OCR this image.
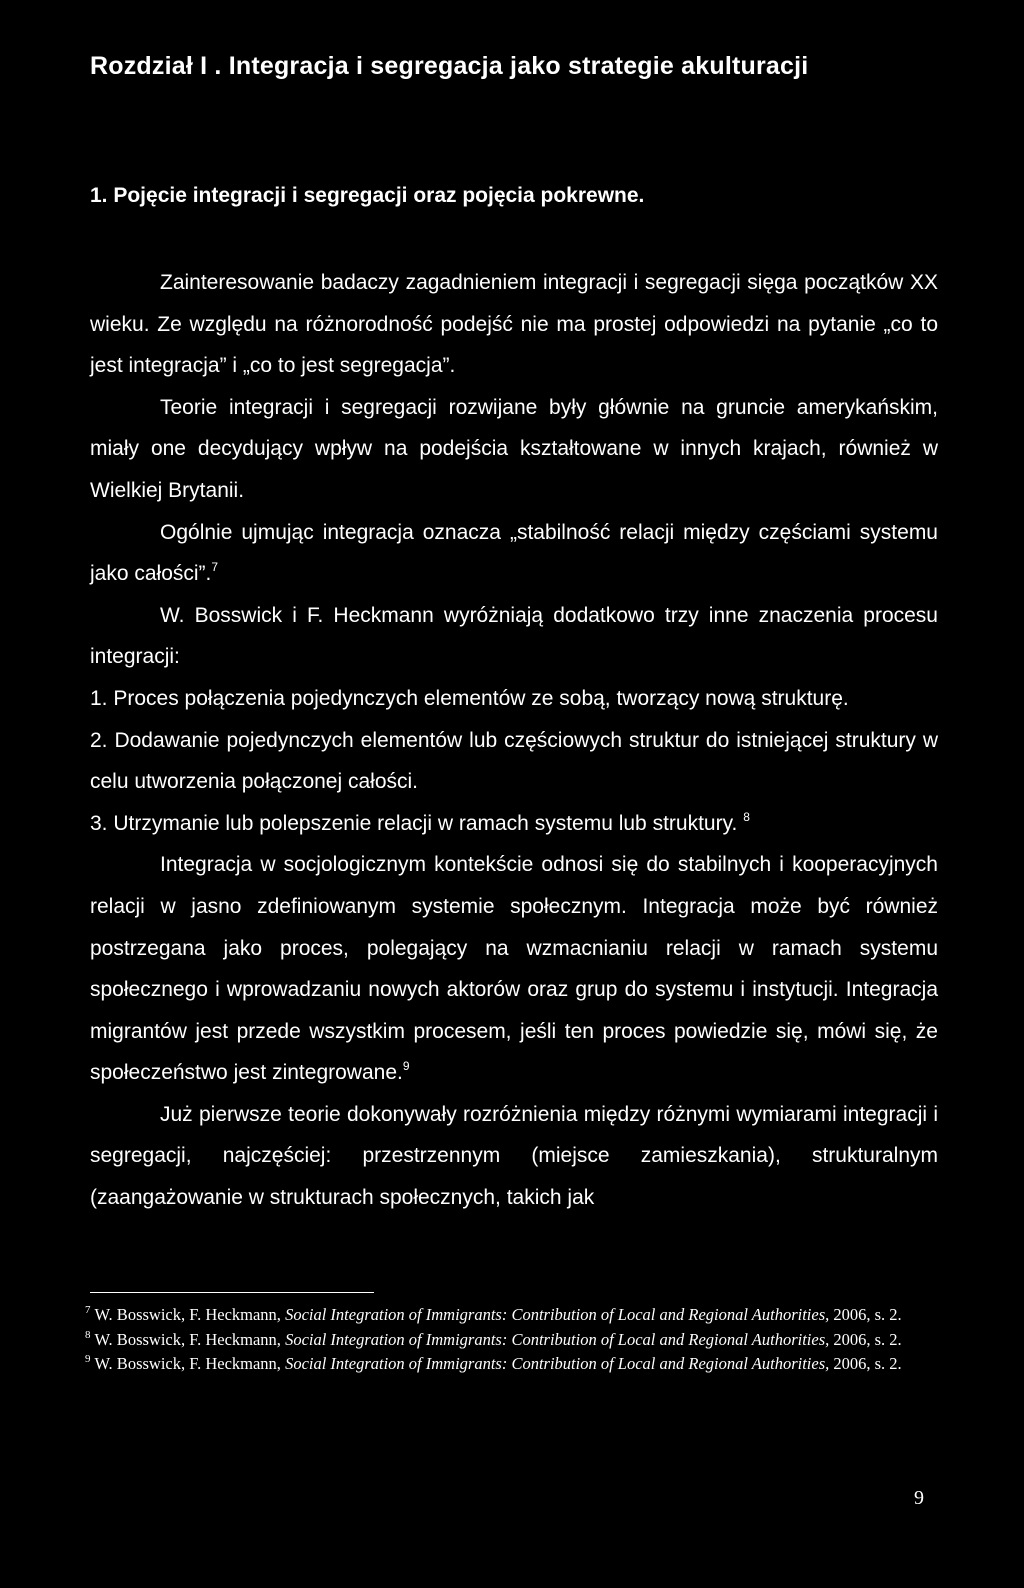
Rozdział I . Integracja i segregacja jako strategie akulturacji
1. Pojęcie integracji i segregacji oraz pojęcia pokrewne.

Zainteresowanie badaczy zagadnieniem integracji i segregacji sięga początków XX wieku. Ze względu na różnorodność podejść nie ma prostej odpowiedzi na pytanie „co to jest integracja” i „co to jest segregacja”.

Teorie integracji i segregacji rozwijane były głównie na gruncie amerykańskim, miały one decydujący wpływ na podejścia kształtowane w innych krajach, również w Wielkiej Brytanii.

Ogólnie ujmując integracja oznacza „stabilność relacji między częściami systemu jako całości”.$^7$

W. Bosswick i F. Heckmann wyróżniają dodatkowo trzy inne znaczenia procesu integracji:

1. Proces połączenia pojedynczych elementów ze sobą, tworzący nową strukturę.

2. Dodawanie pojedynczych elementów lub częściowych struktur do istniejącej struktury w celu utworzenia połączonej całości.

3. Utrzymanie lub polepszenie relacji w ramach systemu lub struktury. $^8$

Integracja w socjologicznym kontekście odnosi się do stabilnych i kooperacyjnych relacji w jasno zdefiniowanym systemie społecznym. Integracja może być również postrzegana jako proces, polegający na wzmacnianiu relacji w ramach systemu społecznego i wprowadzaniu nowych aktorów oraz grup do systemu i instytucji. Integracja migrantów jest przede wszystkim procesem, jeśli ten proces powiedzie się, mówi się, że społeczeństwo jest zintegrowane.$^9$

Już pierwsze teorie dokonywały rozróżnienia między różnymi wymiarami integracji i segregacji, najczęściej: przestrzennym (miejsce zamieszkania), strukturalnym (zaangażowanie w strukturach społecznych, takich jak

$^7$ W. Bosswick, F. Heckmann, Social Integration of Immigrants: Contribution of Local and Regional Authorities, 2006, s. 2.

$^8$ W. Bosswick, F. Heckmann, Social Integration of Immigrants: Contribution of Local and Regional Authorities, 2006, s. 2.

$^9$ W. Bosswick, F. Heckmann, Social Integration of Immigrants: Contribution of Local and Regional Authorities, 2006, s. 2.

9
